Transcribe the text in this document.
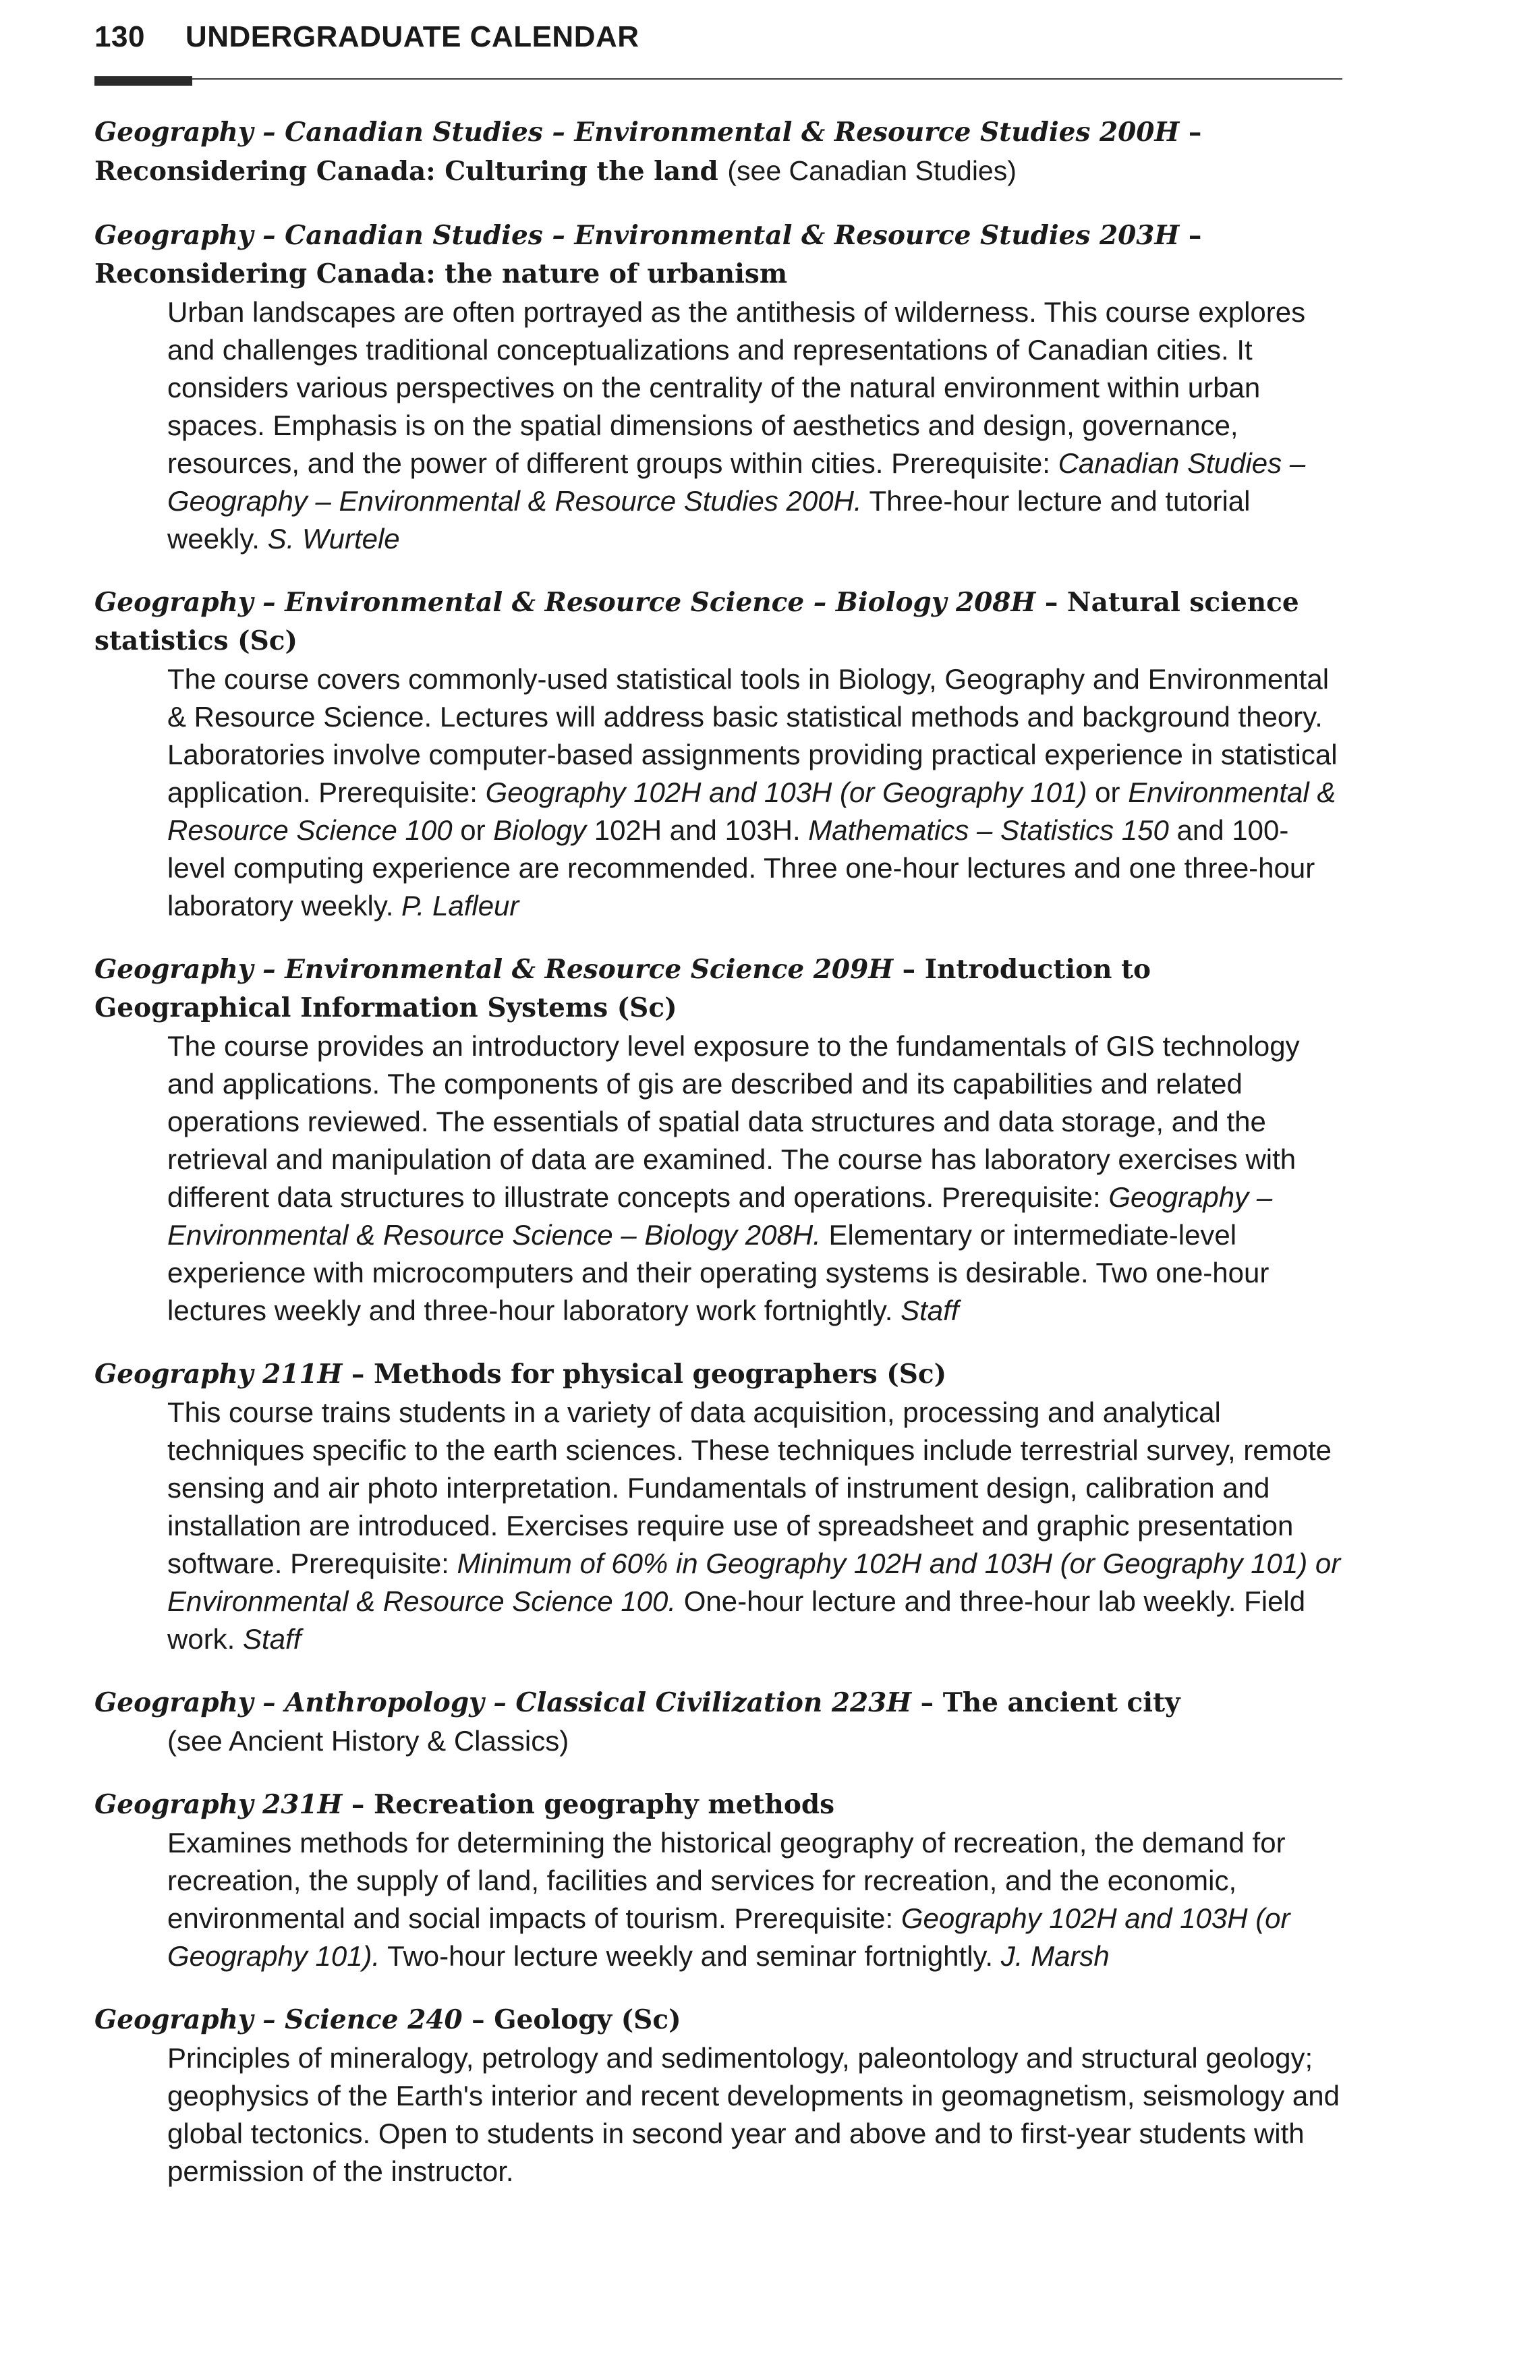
130 UNDERGRADUATE CALENDAR
Geography – Canadian Studies – Environmental & Resource Studies 200H – Reconsidering Canada: Culturing the land (see Canadian Studies)
Geography – Canadian Studies – Environmental & Resource Studies 203H – Reconsidering Canada: the nature of urbanism
Urban landscapes are often portrayed as the antithesis of wilderness. This course explores and challenges traditional conceptualizations and representations of Canadian cities. It considers various perspectives on the centrality of the natural environment within urban spaces. Emphasis is on the spatial dimensions of aesthetics and design, governance, resources, and the power of different groups within cities. Prerequisite: Canadian Studies – Geography – Environmental & Resource Studies 200H. Three-hour lecture and tutorial weekly. S. Wurtele
Geography – Environmental & Resource Science – Biology 208H – Natural science statistics (Sc)
The course covers commonly-used statistical tools in Biology, Geography and Environmental & Resource Science. Lectures will address basic statistical methods and background theory. Laboratories involve computer-based assignments providing practical experience in statistical application. Prerequisite: Geography 102H and 103H (or Geography 101) or Environmental & Resource Science 100 or Biology 102H and 103H. Mathematics – Statistics 150 and 100-level computing experience are recommended. Three one-hour lectures and one three-hour laboratory weekly. P. Lafleur
Geography – Environmental & Resource Science 209H – Introduction to Geographical Information Systems (Sc)
The course provides an introductory level exposure to the fundamentals of GIS technology and applications. The components of gis are described and its capabilities and related operations reviewed. The essentials of spatial data structures and data storage, and the retrieval and manipulation of data are examined. The course has laboratory exercises with different data structures to illustrate concepts and operations. Prerequisite: Geography – Environmental & Resource Science – Biology 208H. Elementary or intermediate-level experience with microcomputers and their operating systems is desirable. Two one-hour lectures weekly and three-hour laboratory work fortnightly. Staff
Geography 211H – Methods for physical geographers (Sc)
This course trains students in a variety of data acquisition, processing and analytical techniques specific to the earth sciences. These techniques include terrestrial survey, remote sensing and air photo interpretation. Fundamentals of instrument design, calibration and installation are introduced. Exercises require use of spreadsheet and graphic presentation software. Prerequisite: Minimum of 60% in Geography 102H and 103H (or Geography 101) or Environmental & Resource Science 100. One-hour lecture and three-hour lab weekly. Field work. Staff
Geography – Anthropology – Classical Civilization 223H – The ancient city
(see Ancient History & Classics)
Geography 231H – Recreation geography methods
Examines methods for determining the historical geography of recreation, the demand for recreation, the supply of land, facilities and services for recreation, and the economic, environmental and social impacts of tourism. Prerequisite: Geography 102H and 103H (or Geography 101). Two-hour lecture weekly and seminar fortnightly. J. Marsh
Geography – Science 240 – Geology (Sc)
Principles of mineralogy, petrology and sedimentology, paleontology and structural geology; geophysics of the Earth's interior and recent developments in geomagnetism, seismology and global tectonics. Open to students in second year and above and to first-year students with permission of the instructor.
